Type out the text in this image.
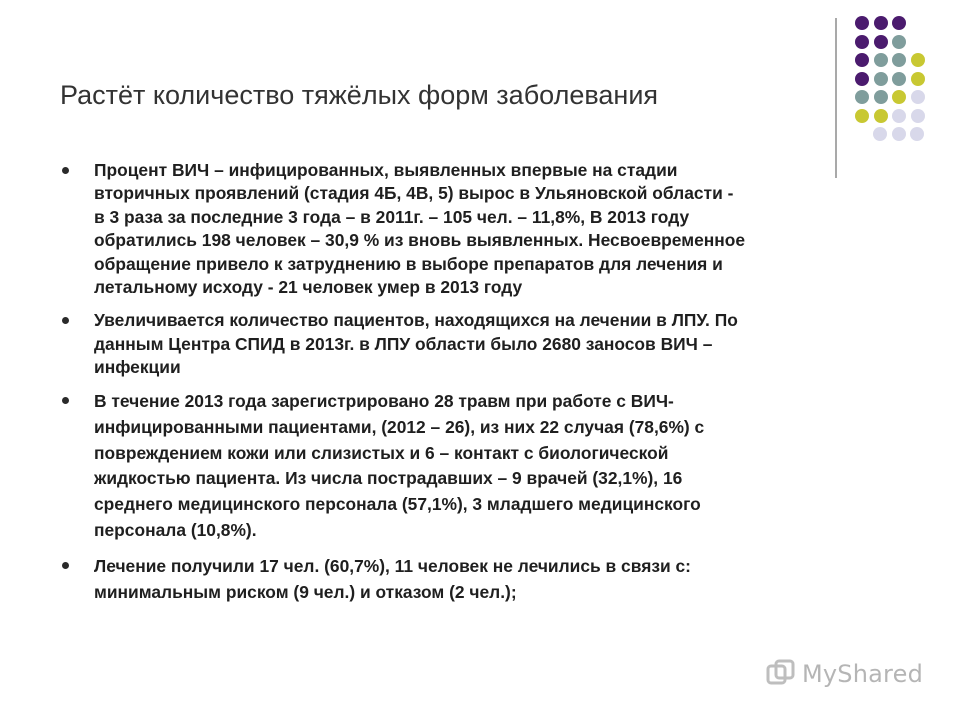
Растёт количество тяжёлых форм заболевания
Процент ВИЧ – инфицированных, выявленных впервые на стадии
вторичных проявлений (стадия 4Б, 4В, 5) вырос в Ульяновской области -
в 3 раза за последние 3 года – в 2011г. – 105 чел. – 11,8%, В 2013 году
обратились 198 человек – 30,9 % из вновь выявленных. Несвоевременное
обращение привело к затруднению в выборе препаратов для лечения и
летальному исходу - 21 человек умер в 2013 году
Увеличивается количество пациентов, находящихся на лечении в ЛПУ. По
данным Центра СПИД в 2013г. в ЛПУ области было 2680 заносов ВИЧ –
инфекции
В течение 2013 года зарегистрировано 28 травм при работе с ВИЧ-
инфицированными пациентами, (2012 – 26), из них 22 случая (78,6%) с
повреждением кожи или слизистых и 6 – контакт с биологической
жидкостью пациента. Из числа пострадавших – 9 врачей (32,1%), 16
среднего медицинского персонала (57,1%), 3 младшего медицинского
персонала (10,8%).
Лечение получили 17 чел. (60,7%), 11 человек не лечились в связи с:
минимальным риском (9 чел.) и отказом (2 чел.);
MyShared
